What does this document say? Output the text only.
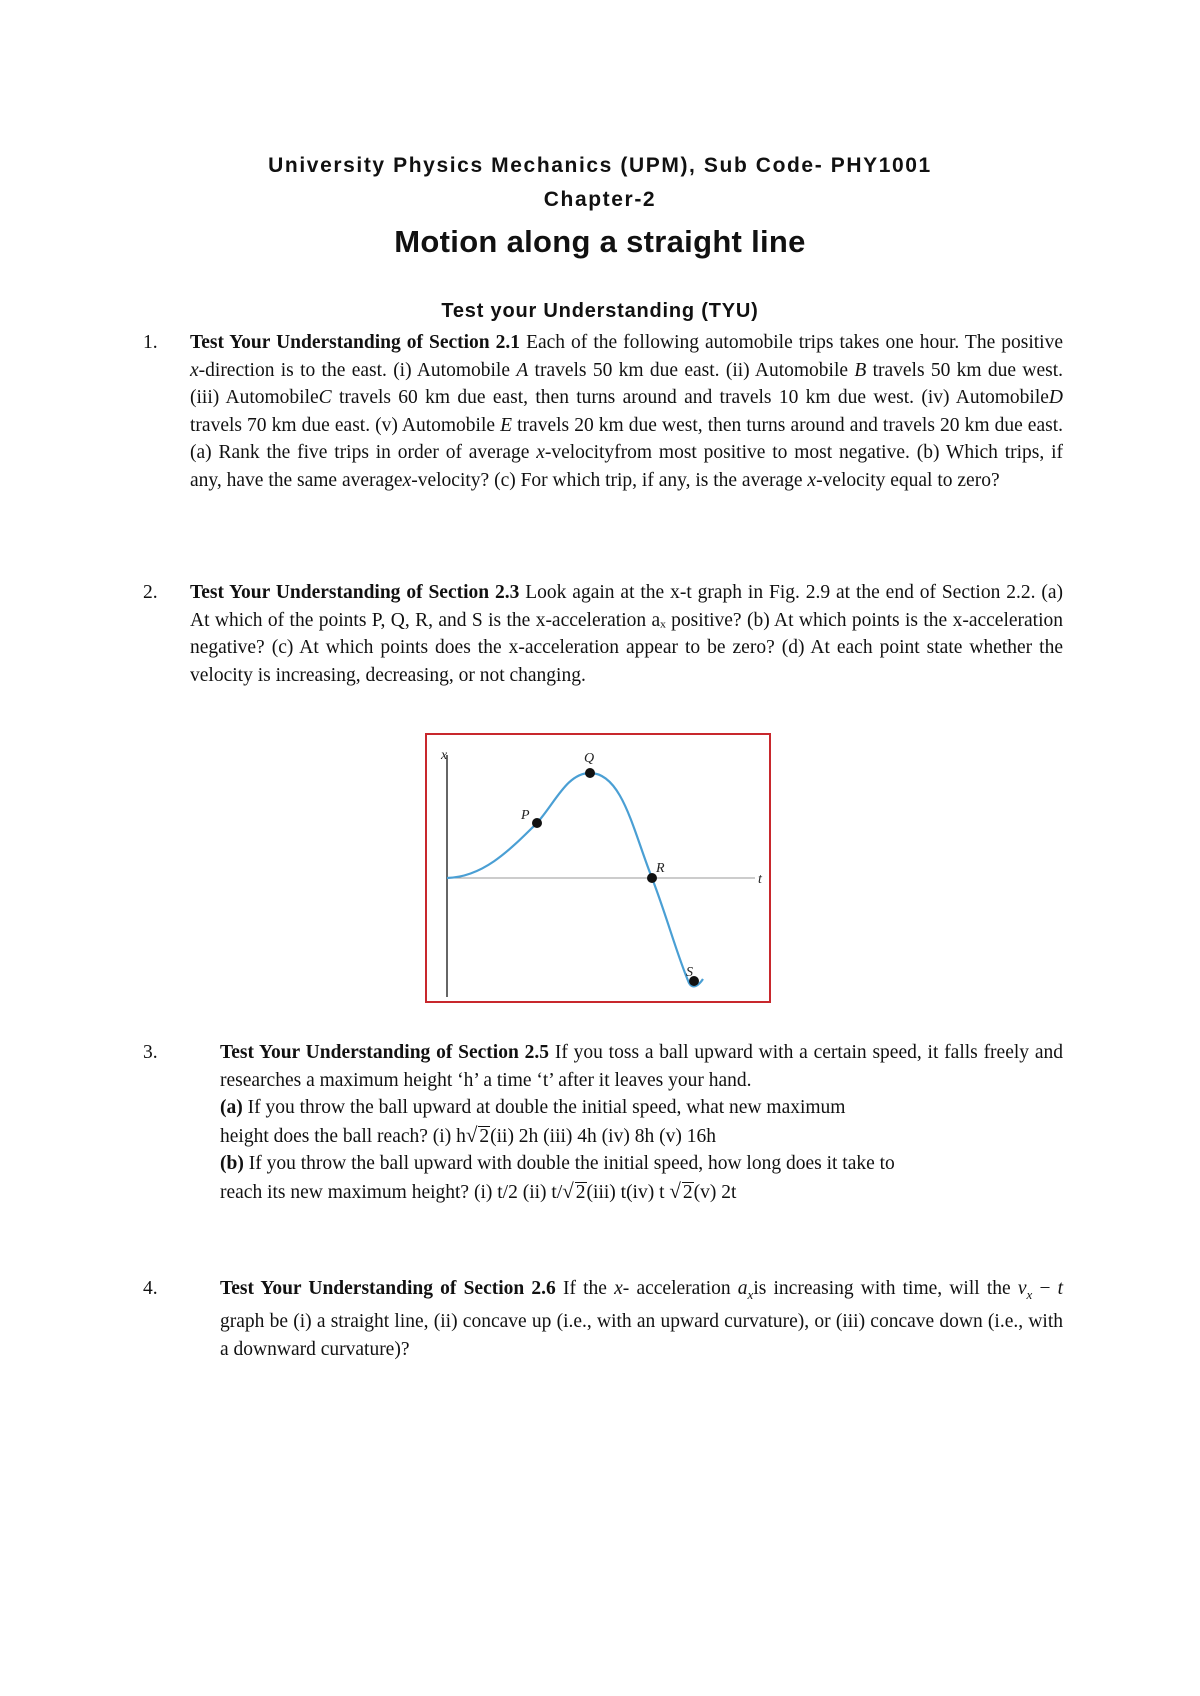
University Physics Mechanics (UPM), Sub Code- PHY1001
Chapter-2
Motion along a straight line
Test your Understanding (TYU)
1. Test Your Understanding of Section 2.1 Each of the following automobile trips takes one hour. The positive x-direction is to the east. (i) Automobile A travels 50 km due east. (ii) Automobile B travels 50 km due west. (iii) AutomobileC travels 60 km due east, then turns around and travels 10 km due west. (iv) AutomobileD travels 70 km due east. (v) Automobile E travels 20 km due west, then turns around and travels 20 km due east. (a) Rank the five trips in order of average x-velocityfrom most positive to most negative. (b) Which trips, if any, have the same averagex-velocity? (c) For which trip, if any, is the average x-velocity equal to zero?
2. Test Your Understanding of Section 2.3 Look again at the x-t graph in Fig. 2.9 at the end of Section 2.2. (a) At which of the points P, Q, R, and S is the x-acceleration aₓ positive? (b) At which points is the x-acceleration negative? (c) At which points does the x-acceleration appear to be zero? (d) At each point state whether the velocity is increasing, decreasing, or not changing.
x
t
P
Q
R
S
3.	Test Your Understanding of Section 2.5 If you toss a ball upward with a certain speed, it falls freely and researches a maximum height ‘h’ a time ‘t’ after it leaves your hand.
(a) If you throw the ball upward at double the initial speed, what new maximum
height does the ball reach? (i) h√ 2(ii) 2h (iii) 4h (iv) 8h (v) 16h
(b) If you throw the ball upward with double the initial speed, how long does it take to
reach its new maximum height? (i) t/2 (ii) t/√ 2(iii) t(iv) t √ 2(v) 2t
4.	Test Your Understanding of Section 2.6 If the x- acceleration $a_xis$ increasing with time, will the $v_x - t$ graph be (i) a straight line, (ii) concave up (i.e., with an upward curvature), or (iii) concave down (i.e., with a downward curvature)?
